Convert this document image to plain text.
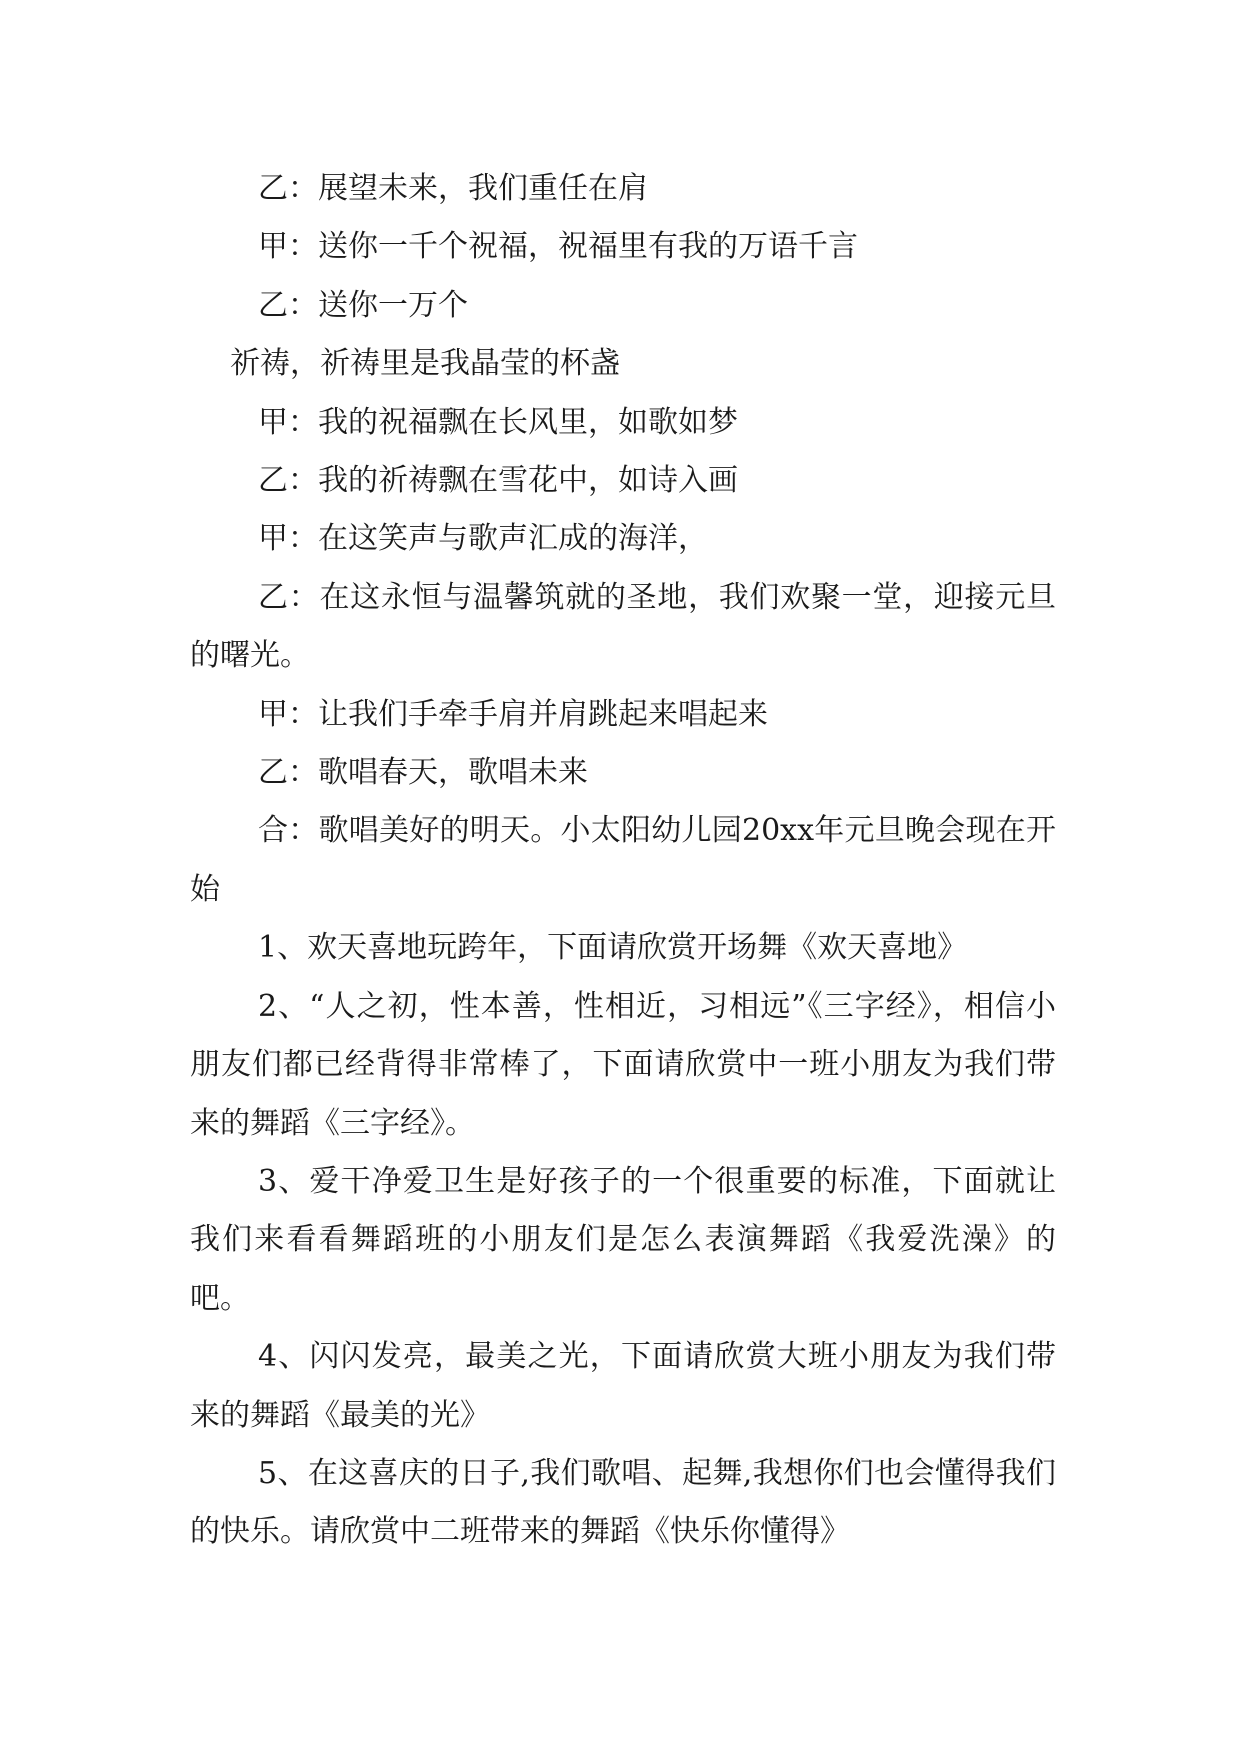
乙：展望未来，我们重任在肩

甲：送你一千个祝福，祝福里有我的万语千言

乙：送你一万个

祈祷，祈祷里是我晶莹的杯盏

甲：我的祝福飘在长风里，如歌如梦

乙：我的祈祷飘在雪花中，如诗入画

甲：在这笑声与歌声汇成的海洋，

乙：在这永恒与温馨筑就的圣地，我们欢聚一堂，迎接元旦的曙光。

甲：让我们手牵手肩并肩跳起来唱起来

乙：歌唱春天，歌唱未来

合：歌唱美好的明天。小太阳幼儿园20xx年元旦晚会现在开始

1、欢天喜地玩跨年，下面请欣赏开场舞《欢天喜地》

2、“人之初，性本善，性相近，习相远”《三字经》，相信小朋友们都已经背得非常棒了，下面请欣赏中一班小朋友为我们带来的舞蹈《三字经》。

3、爱干净爱卫生是好孩子的一个很重要的标准，下面就让我们来看看舞蹈班的小朋友们是怎么表演舞蹈《我爱洗澡》的吧。

4、闪闪发亮，最美之光，下面请欣赏大班小朋友为我们带来的舞蹈《最美的光》

5、在这喜庆的日子,我们歌唱、起舞,我想你们也会懂得我们的快乐。请欣赏中二班带来的舞蹈《快乐你懂得》
